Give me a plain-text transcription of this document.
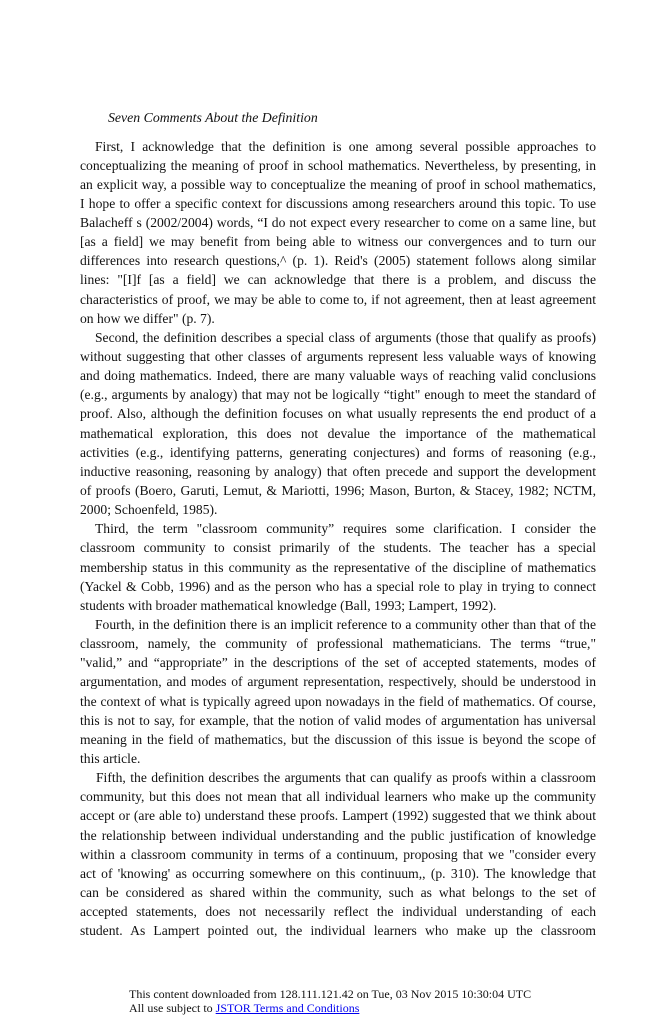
Seven Comments About the Definition
First, I acknowledge that the definition is one among several possible approaches to
conceptualizing the meaning of proof in school mathematics. Nevertheless, by presenting, in
an explicit way, a possible way to conceptualize the meaning of proof in school mathematics,
I hope to offer a specific context for discussions among researchers around this topic. To use
Balacheff s (2002/2004) words, “I do not expect every researcher to come on a same line, but
[as a field] we may benefit from being able to witness our convergences and to turn our
differences into research questions,^ (p. 1). Reid's (2005) statement follows along similar
lines: "[I]f [as a field] we can acknowledge that there is a problem, and discuss the
characteristics of proof, we may be able to come to, if not agreement, then at least agreement
on how we differ" (p. 7).
Second, the definition describes a special class of arguments (those that qualify as proofs)
without suggesting that other classes of arguments represent less valuable ways of knowing
and doing mathematics. Indeed, there are many valuable ways of reaching valid conclusions
(e.g., arguments by analogy) that may not be logically “tight" enough to meet the standard of
proof. Also, although the definition focuses on what usually represents the end product of a
mathematical exploration, this does not devalue the importance of the mathematical
activities (e.g., identifying patterns, generating conjectures) and forms of reasoning (e.g.,
inductive reasoning, reasoning by analogy) that often precede and support the development
of proofs (Boero, Garuti, Lemut, & Mariotti, 1996; Mason, Burton, & Stacey, 1982; NCTM,
2000; Schoenfeld, 1985).
Third, the term "classroom community” requires some clarification. I consider the
classroom community to consist primarily of the students. The teacher has a special
membership status in this community as the representative of the discipline of mathematics
(Yackel & Cobb, 1996) and as the person who has a special role to play in trying to connect
students with broader mathematical knowledge (Ball, 1993; Lampert, 1992).
Fourth, in the definition there is an implicit reference to a community other than that of the
classroom, namely, the community of professional mathematicians. The terms “true,"
"valid,” and “appropriate” in the descriptions of the set of accepted statements, modes of
argumentation, and modes of argument representation, respectively, should be understood in
the context of what is typically agreed upon nowadays in the field of mathematics. Of course,
this is not to say, for example, that the notion of valid modes of argumentation has universal
meaning in the field of mathematics, but the discussion of this issue is beyond the scope of
this article.
Fifth, the definition describes the arguments that can qualify as proofs within a classroom
community, but this does not mean that all individual learners who make up the community
accept or (are able to) understand these proofs. Lampert (1992) suggested that we think about
the relationship between individual understanding and the public justification of knowledge
within a classroom community in terms of a continuum, proposing that we "consider every
act of 'knowing' as occurring somewhere on this continuum,, (p. 310). The knowledge that
can be considered as shared within the community, such as what belongs to the set of
accepted statements, does not necessarily reflect the individual understanding of each
student. As Lampert pointed out, the individual learners who make up the classroom
This content downloaded from 128.111.121.42 on Tue, 03 Nov 2015 10:30:04 UTC
All use subject to JSTOR Terms and Conditions
